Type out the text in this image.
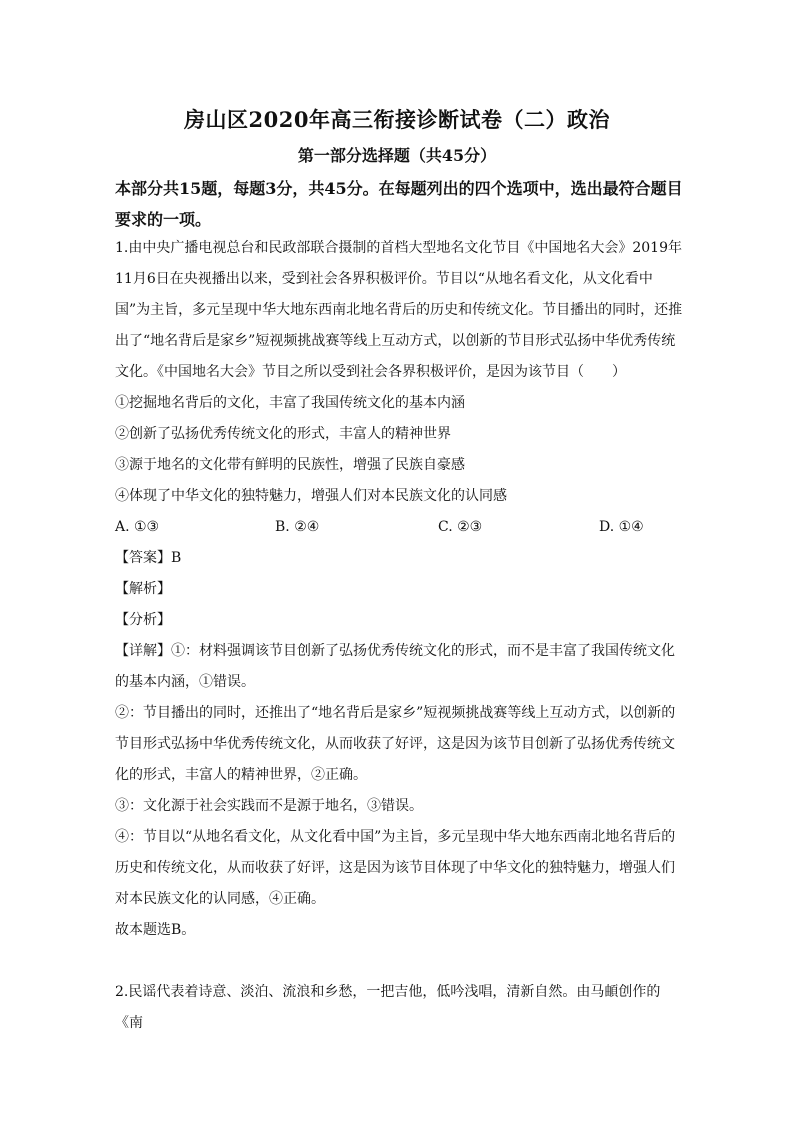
房山区2020年高三衔接诊断试卷（二）政治
第一部分选择题（共45分）
本部分共15题，每题3分，共45分。在每题列出的四个选项中，选出最符合题目要求的一项。

1.由中央广播电视总台和民政部联合摄制的首档大型地名文化节目《中国地名大会》2019年11月6日在央视播出以来，受到社会各界积极评价。节目以“从地名看文化，从文化看中国”为主旨，多元呈现中华大地东西南北地名背后的历史和传统文化。节目播出的同时，还推出了“地名背后是家乡”短视频挑战赛等线上互动方式，以创新的节目形式弘扬中华优秀传统文化。《中国地名大会》节目之所以受到社会各界积极评价，是因为该节目（　　）

①挖掘地名背后的文化，丰富了我国传统文化的基本内涵

②创新了弘扬优秀传统文化的形式，丰富人的精神世界

③源于地名的文化带有鲜明的民族性，增强了民族自豪感

④体现了中华文化的独特魅力，增强人们对本民族文化的认同感

A. ①③	B. ②④	C. ②③	D. ①④

【答案】B

【解析】

【分析】

【详解】①：材料强调该节目创新了弘扬优秀传统文化的形式，而不是丰富了我国传统文化的基本内涵，①错误。

②：节目播出的同时，还推出了“地名背后是家乡”短视频挑战赛等线上互动方式，以创新的节目形式弘扬中华优秀传统文化，从而收获了好评，这是因为该节目创新了弘扬优秀传统文化的形式，丰富人的精神世界，②正确。

③：文化源于社会实践而不是源于地名，③错误。

④：节目以“从地名看文化，从文化看中国”为主旨，多元呈现中华大地东西南北地名背后的历史和传统文化，从而收获了好评，这是因为该节目体现了中华文化的独特魅力，增强人们对本民族文化的认同感，④正确。

故本题选B。

2.民谣代表着诗意、淡泊、流浪和乡愁，一把吉他，低吟浅唱，清新自然。由马頔创作的《南
